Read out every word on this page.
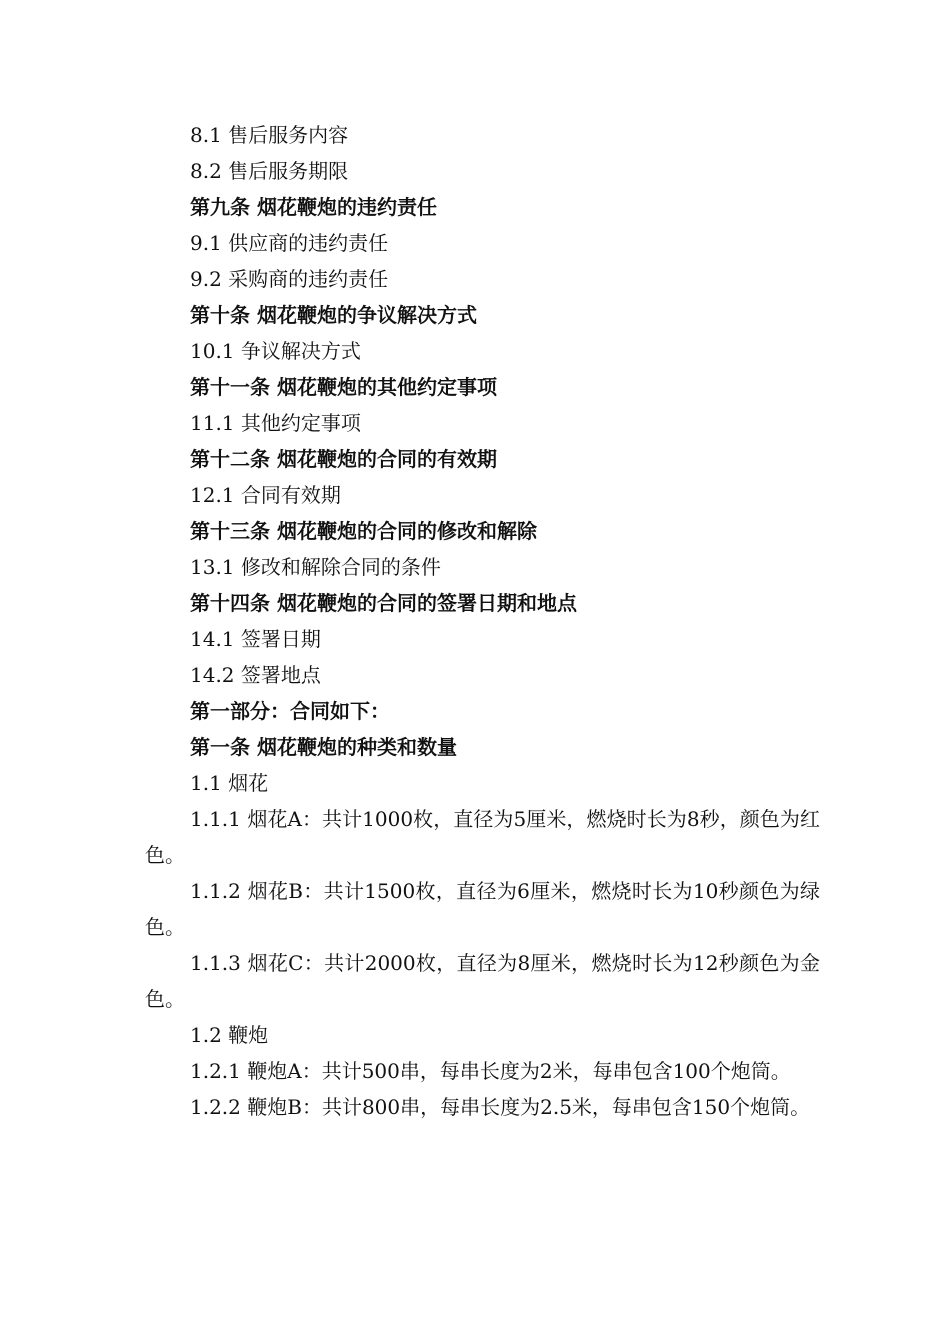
8.1 售后服务内容
8.2 售后服务期限
第九条 烟花鞭炮的违约责任
9.1 供应商的违约责任
9.2 采购商的违约责任
第十条 烟花鞭炮的争议解决方式
10.1 争议解决方式
第十一条 烟花鞭炮的其他约定事项
11.1 其他约定事项
第十二条 烟花鞭炮的合同的有效期
12.1 合同有效期
第十三条 烟花鞭炮的合同的修改和解除
13.1 修改和解除合同的条件
第十四条 烟花鞭炮的合同的签署日期和地点
14.1 签署日期
14.2 签署地点
第一部分：合同如下：
第一条 烟花鞭炮的种类和数量
1.1 烟花
1.1.1 烟花A：共计1000枚，直径为5厘米，燃烧时长为8秒，颜色为红色。
1.1.2 烟花B：共计1500枚，直径为6厘米，燃烧时长为10秒颜色为绿色。
1.1.3 烟花C：共计2000枚，直径为8厘米，燃烧时长为12秒颜色为金色。
1.2 鞭炮
1.2.1 鞭炮A：共计500串，每串长度为2米，每串包含100个炮筒。
1.2.2 鞭炮B：共计800串，每串长度为2.5米，每串包含150个炮筒。
